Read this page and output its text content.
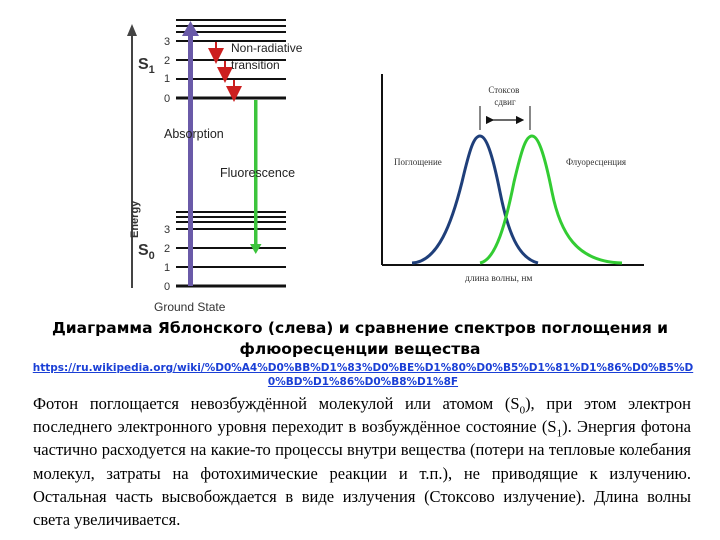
Energy
$S_1$
3
2
1
0
$S_0$
3
2
1
0
Non-radiative transition
Absorption
Fluorescence
Ground State
Стоксов сдвиг
Поглощение	Флуоресценция
длина волны, нм
Диаграмма Яблонского (слева) и сравнение спектров поглощения и
флюоресценции вещества
https://ru.wikipedia.org/wiki/%D0%A4%D0%BB%D1%83%D0%BE%D1%80%D0%B5%D1%81%D1%86%D0%B5%D0%BD%D1%86%D0%B8%D1%8F
Фотон поглощается невозбуждённой молекулой или атомом $(S_0)$, при этом электрон последнего электронного уровня переходит в возбуждённое состояние $(S_1)$. Энергия фотона частично расходуется на какие-то процессы внутри вещества (потери на тепловые колебания молекул, затраты на фотохимические реакции и т.п.), не приводящие к излучению. Остальная часть высвобождается в виде излучения (Стоксово излучение). Длина волны света увеличивается.
